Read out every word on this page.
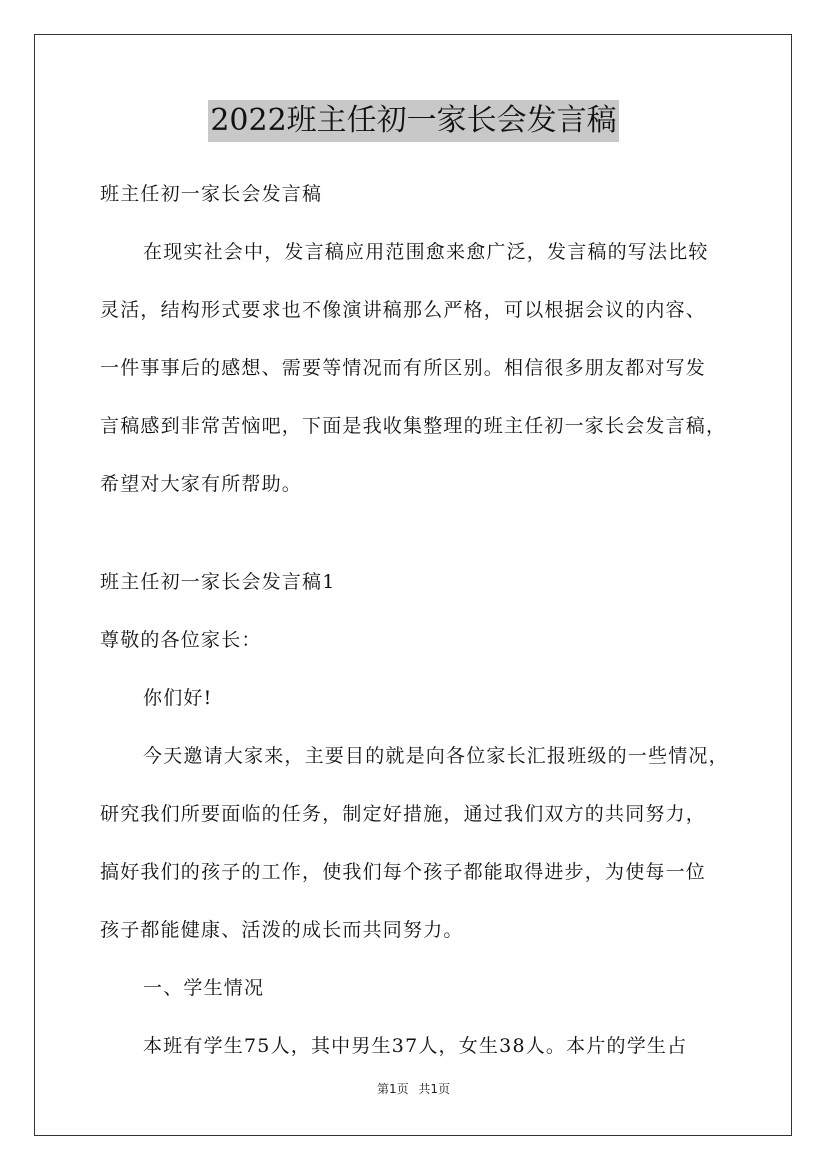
2022班主任初一家长会发言稿
班主任初一家长会发言稿
在现实社会中，发言稿应用范围愈来愈广泛，发言稿的写法比较
灵活，结构形式要求也不像演讲稿那么严格，可以根据会议的内容、
一件事事后的感想、需要等情况而有所区别。相信很多朋友都对写发
言稿感到非常苦恼吧，下面是我收集整理的班主任初一家长会发言稿，
希望对大家有所帮助。
班主任初一家长会发言稿1
尊敬的各位家长：
你们好!
今天邀请大家来，主要目的就是向各位家长汇报班级的一些情况，
研究我们所要面临的任务，制定好措施，通过我们双方的共同努力，
搞好我们的孩子的工作，使我们每个孩子都能取得进步，为使每一位
孩子都能健康、活泼的成长而共同努力。
一、学生情况
本班有学生75人，其中男生37人，女生38人。本片的学生占
第1页 共1页
